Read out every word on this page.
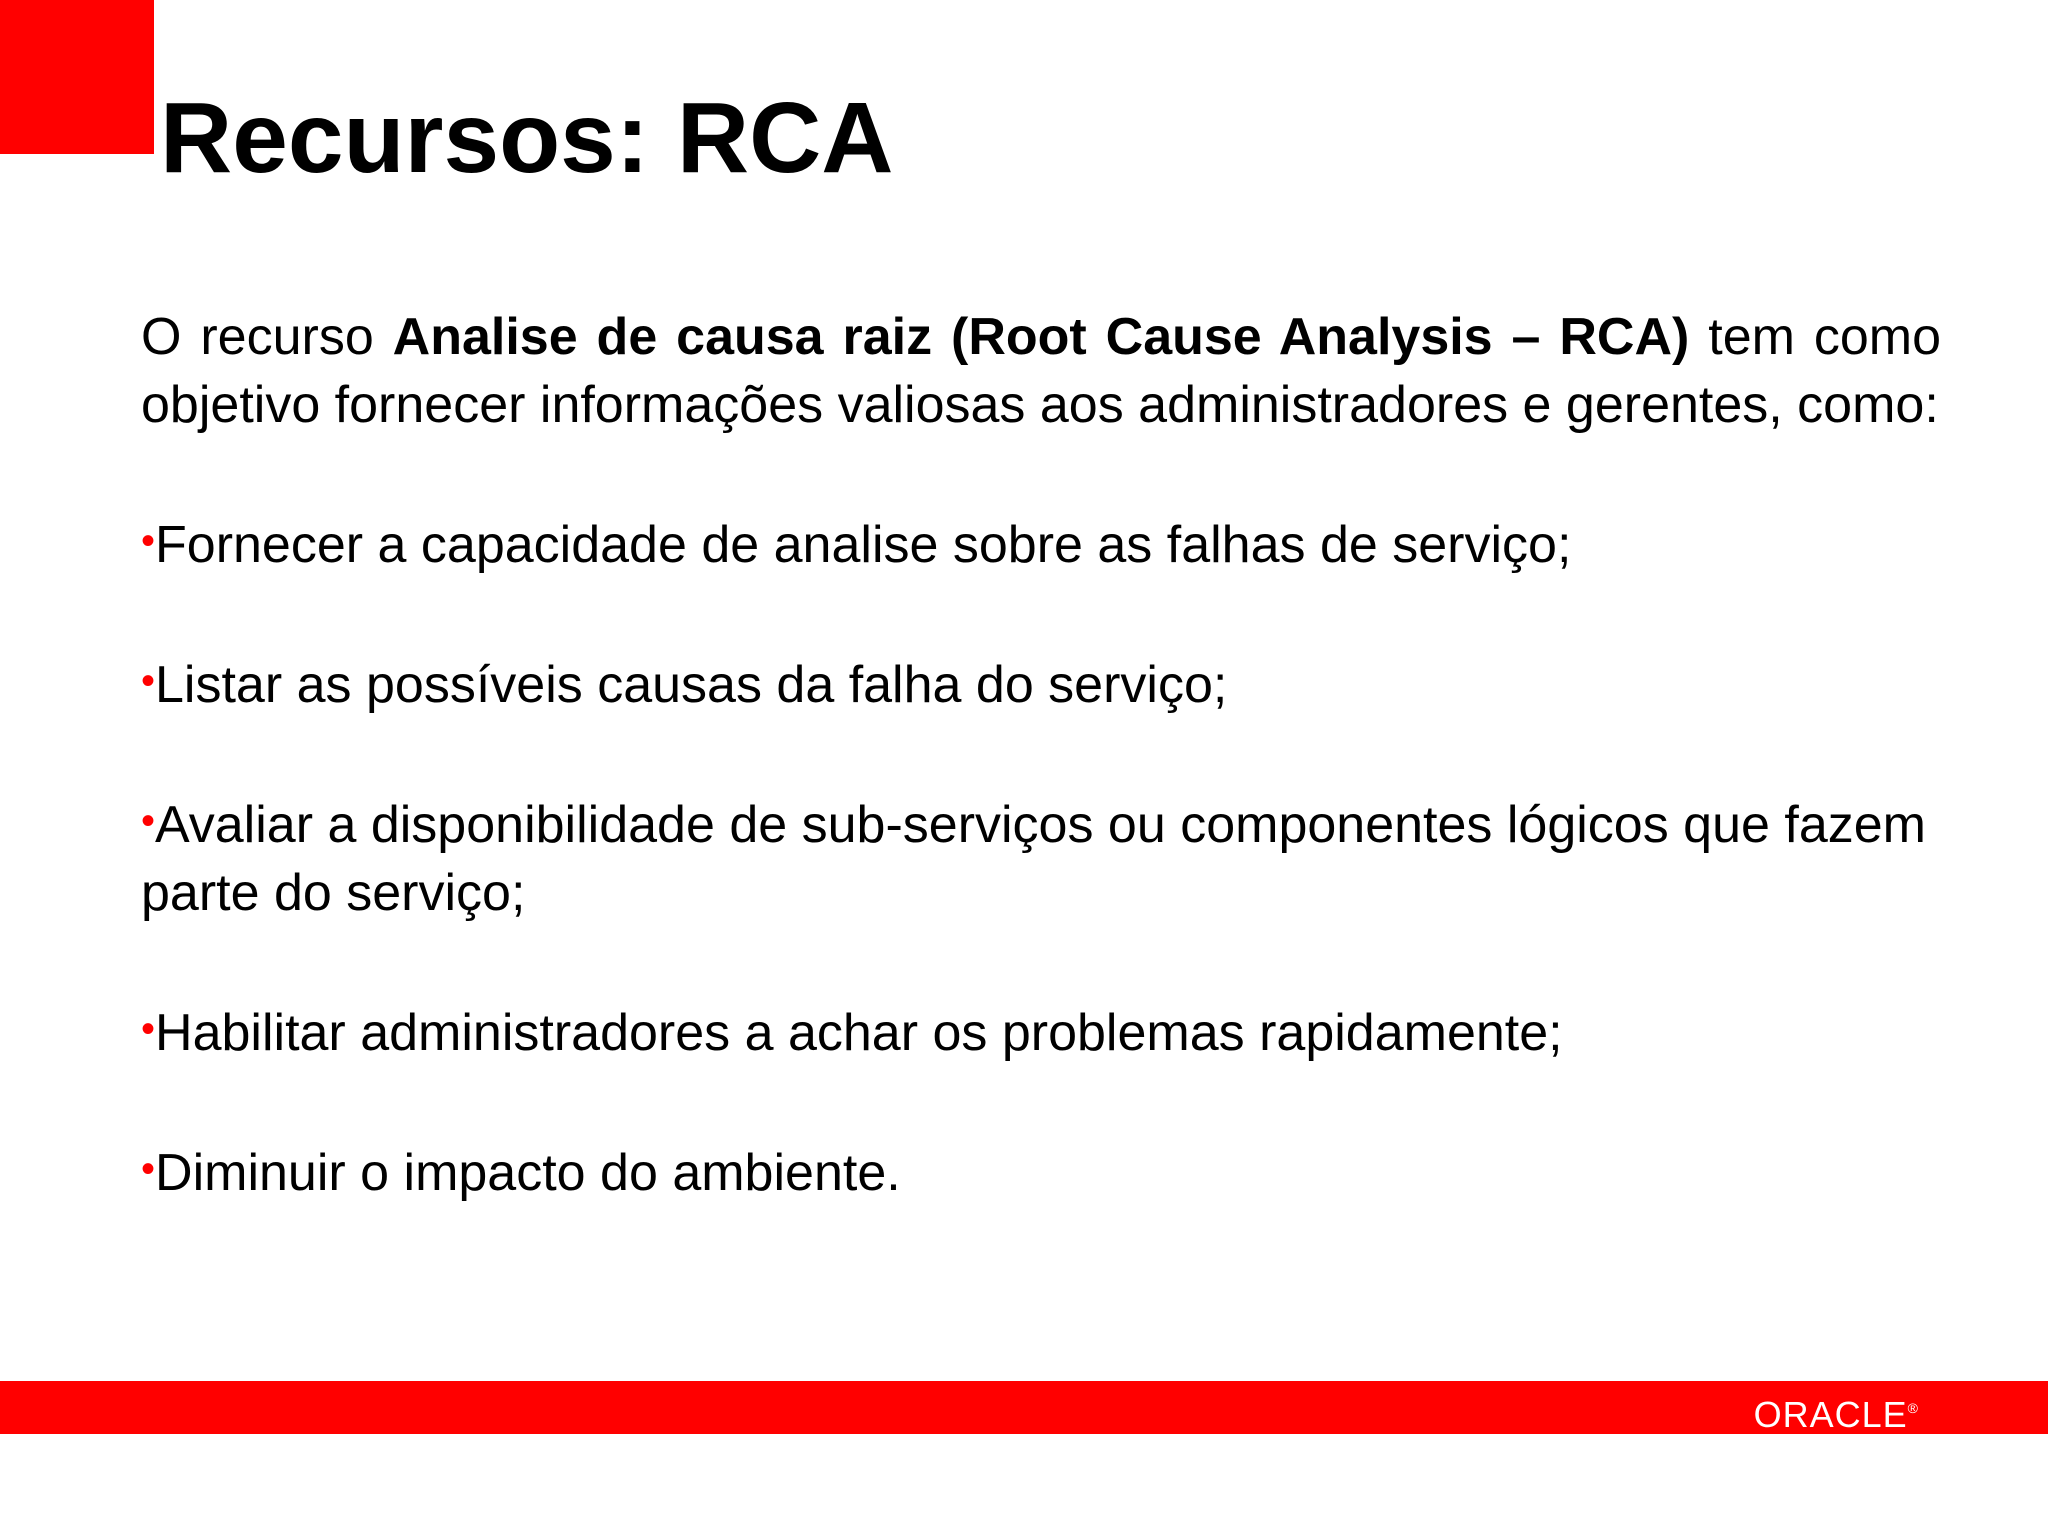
Recursos: RCA

O recurso Analise de causa raiz (Root Cause Analysis – RCA) tem como objetivo fornecer informações valiosas aos administradores e gerentes, como:

•Fornecer a capacidade de analise sobre as falhas de serviço;
•Listar as possíveis causas da falha do serviço;
•Avaliar a disponibilidade de sub-serviços ou componentes lógicos que fazem parte do serviço;
•Habilitar administradores a achar os problemas rapidamente;
•Diminuir o impacto do ambiente.
ORACLE®
